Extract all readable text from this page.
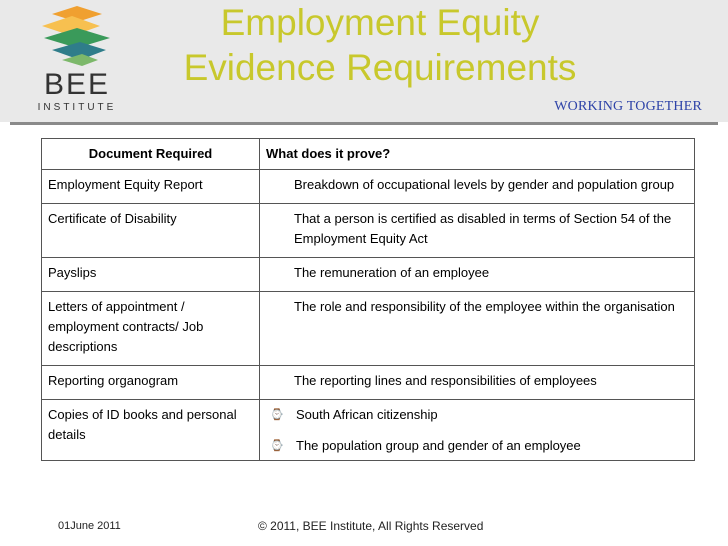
BEE
INSTITUTE
Employment Equity
Evidence Requirements
WORKING TOGETHER
Document Required	What does it prove?
Employment Equity Report	Breakdown of occupational levels by gender and population group
Certificate of Disability	That a person is certified as disabled in terms of Section 54 of the Employment Equity Act
Payslips	The remuneration of an employee
Letters of appointment / employment contracts/ Job descriptions	The role and responsibility of the employee within the organisation
Reporting organogram	The reporting lines and responsibilities of employees
Copies of ID books and personal details	⌚ South African citizenship
⌚ The population group and gender of an employee
01June 2011	© 2011, BEE Institute, All Rights Reserved
